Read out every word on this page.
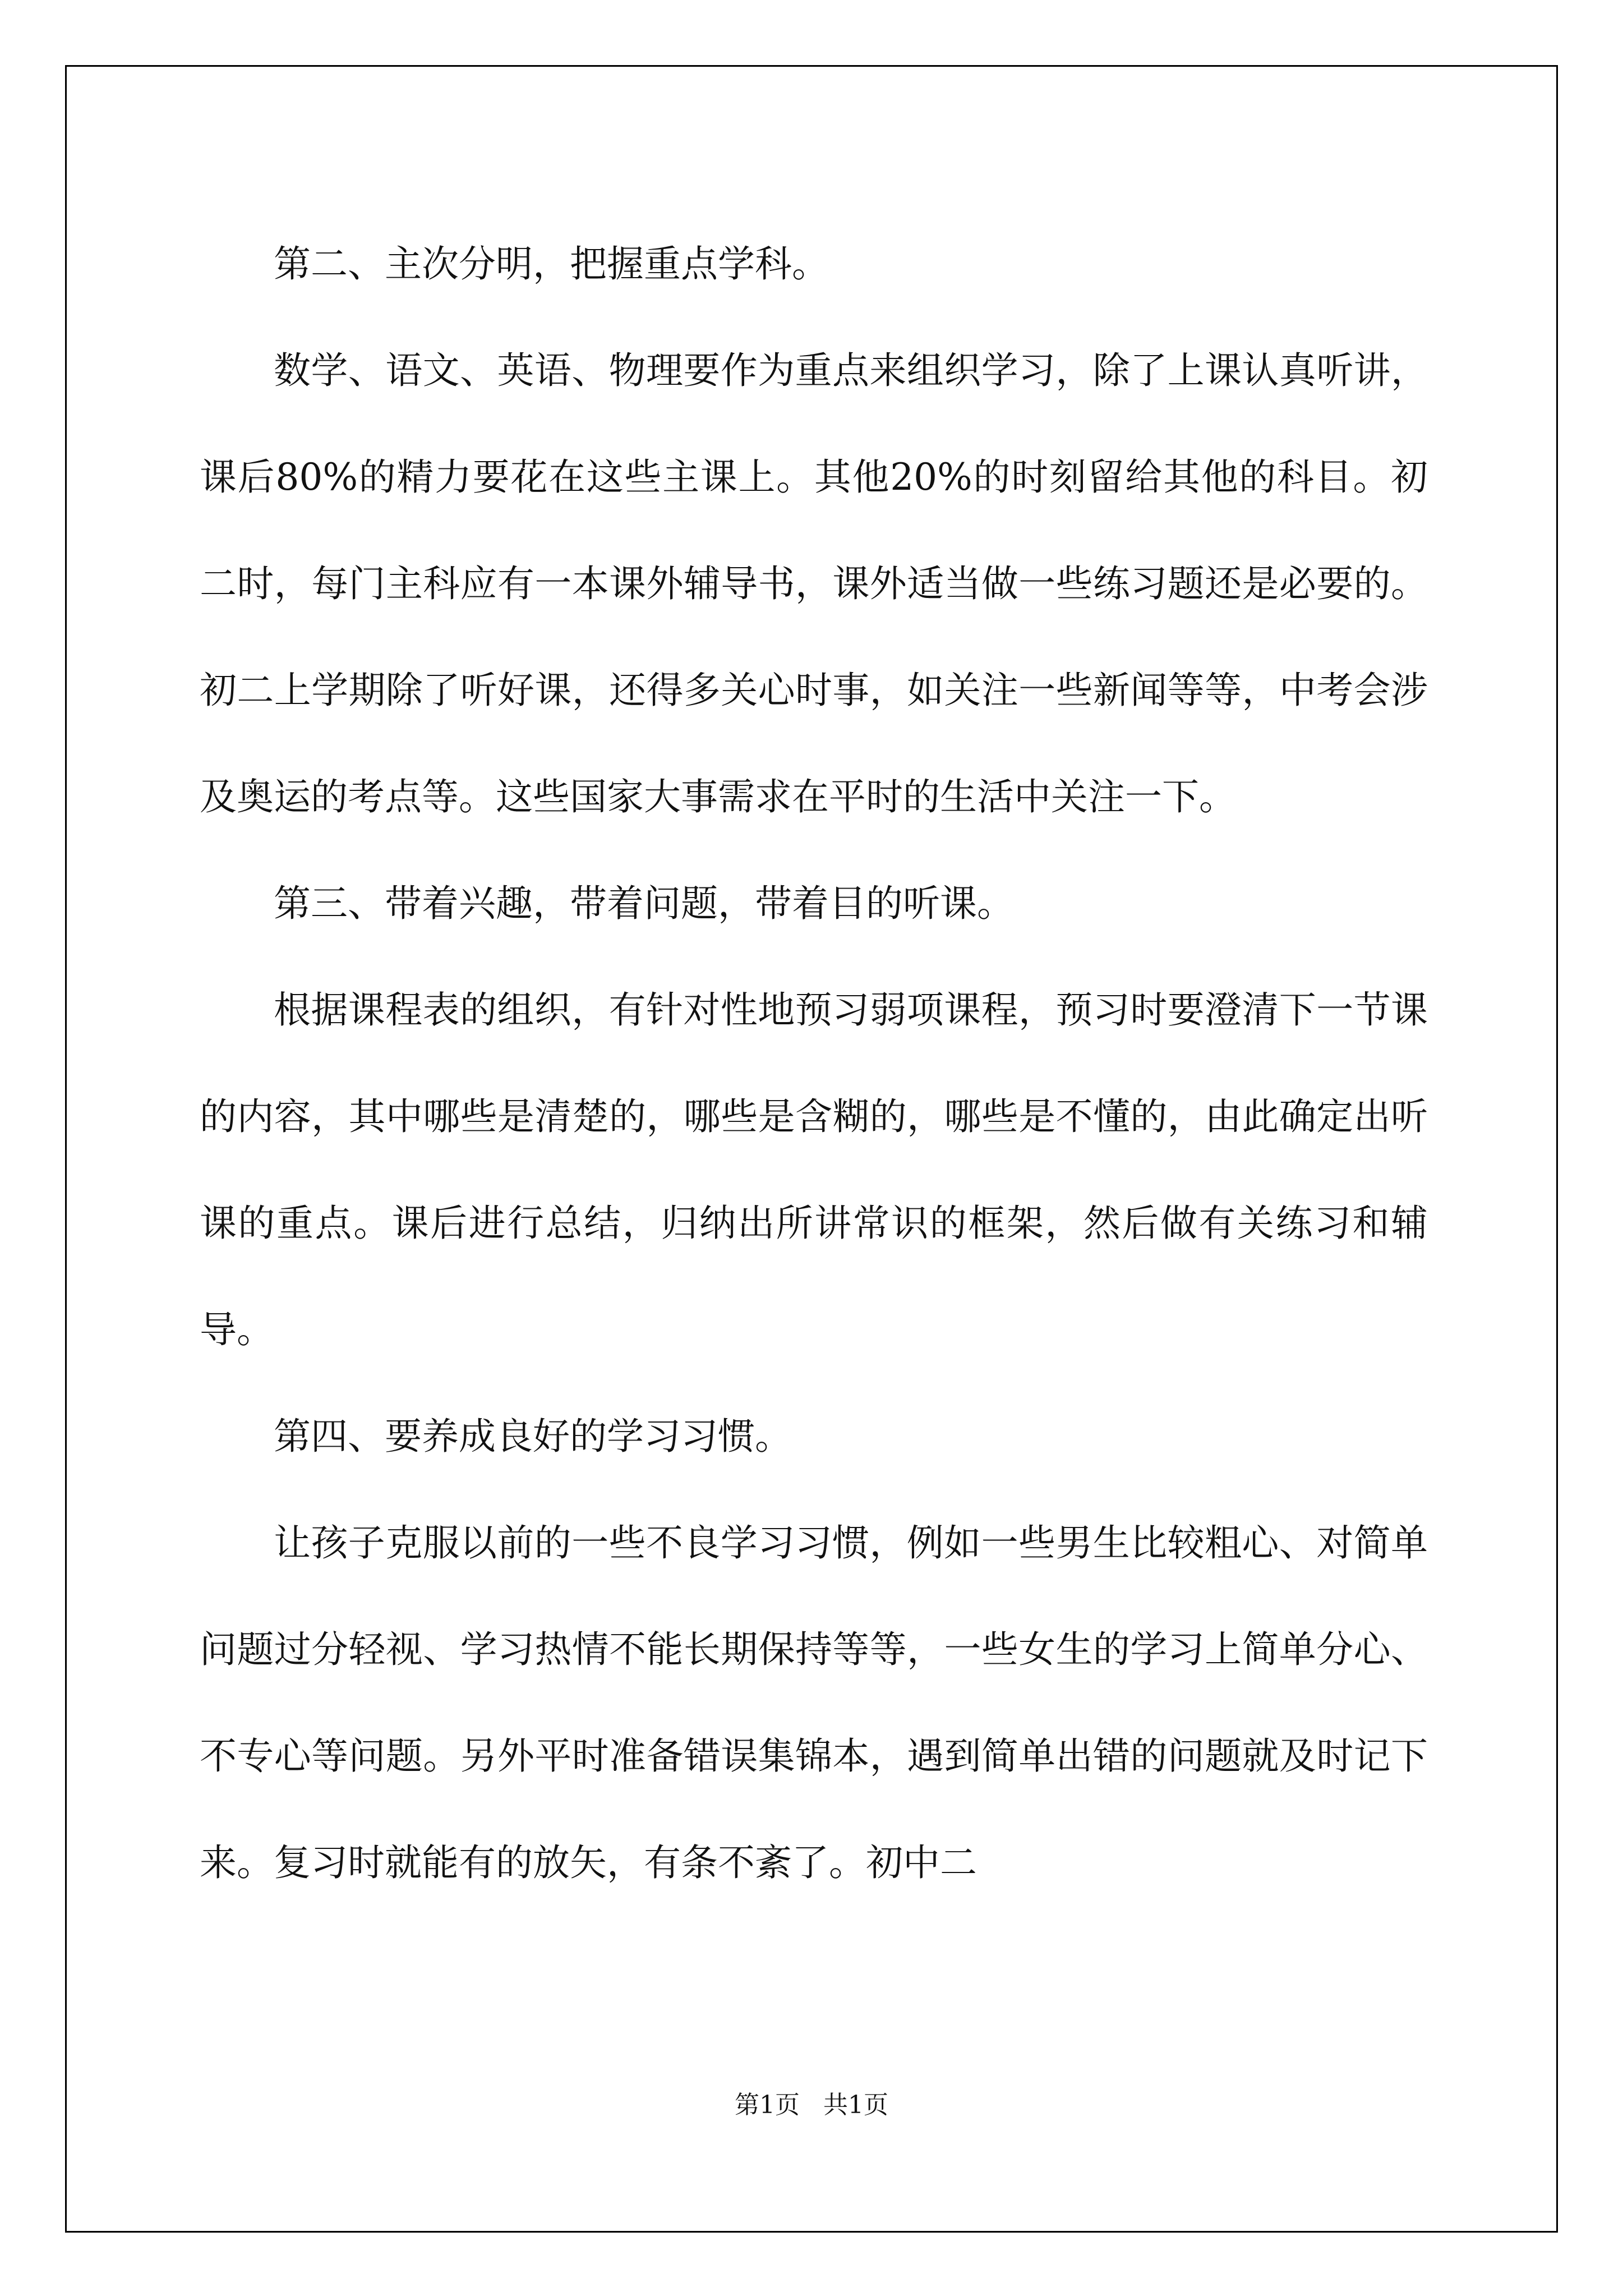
第二、主次分明，把握重点学科。

数学、语文、英语、物理要作为重点来组织学习，除了上课认真听讲，课后80%的精力要花在这些主课上。其他20%的时刻留给其他的科目。初二时，每门主科应有一本课外辅导书，课外适当做一些练习题还是必要的。初二上学期除了听好课，还得多关心时事，如关注一些新闻等等，中考会涉及奥运的考点等。这些国家大事需求在平时的生活中关注一下。

第三、带着兴趣，带着问题，带着目的听课。

根据课程表的组织，有针对性地预习弱项课程，预习时要澄清下一节课的内容，其中哪些是清楚的，哪些是含糊的，哪些是不懂的，由此确定出听课的重点。课后进行总结，归纳出所讲常识的框架，然后做有关练习和辅导。

第四、要养成良好的学习习惯。

让孩子克服以前的一些不良学习习惯，例如一些男生比较粗心、对简单问题过分轻视、学习热情不能长期保持等等，一些女生的学习上简单分心、不专心等问题。另外平时准备错误集锦本，遇到简单出错的问题就及时记下来。复习时就能有的放矢，有条不紊了。初中二

第1页   共1页
